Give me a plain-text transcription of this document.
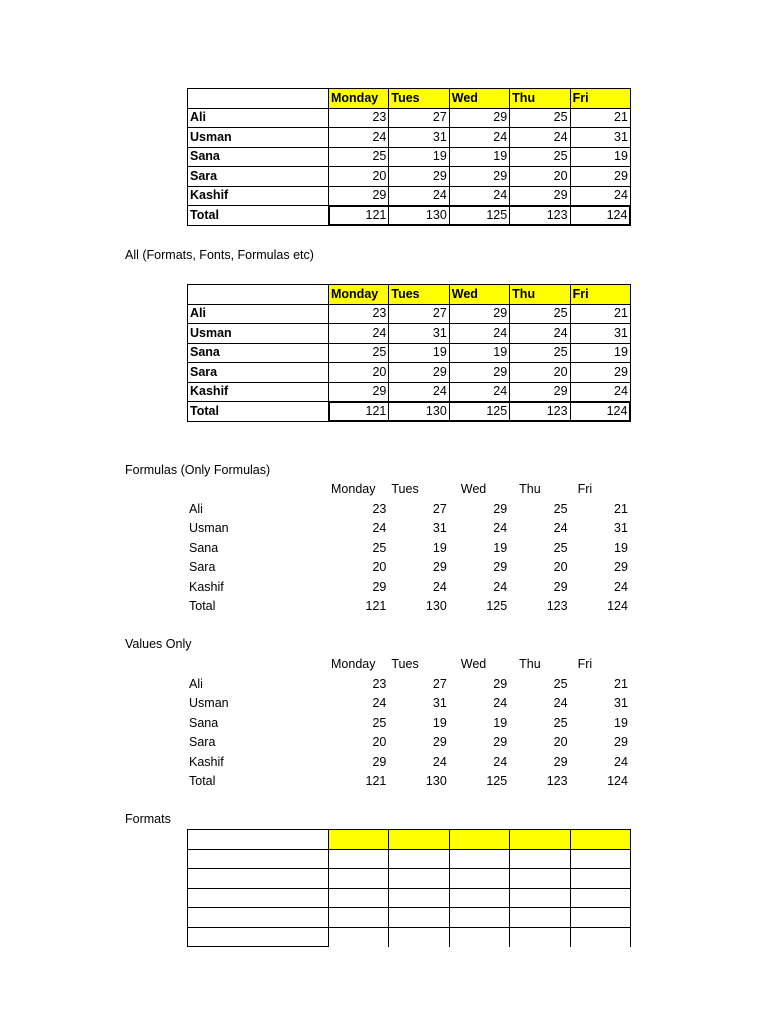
	Monday	Tues	Wed	Thu	Fri
Ali	23	27	29	25	21
Usman	24	31	24	24	31
Sana	25	19	19	25	19
Sara	20	29	29	20	29
Kashif	29	24	24	29	24
Total	121	130	125	123	124
All (Formats, Fonts, Formulas etc)
	Monday	Tues	Wed	Thu	Fri
Ali	23	27	29	25	21
Usman	24	31	24	24	31
Sana	25	19	19	25	19
Sara	20	29	29	20	29
Kashif	29	24	24	29	24
Total	121	130	125	123	124
Formulas (Only Formulas)
	Monday	Tues	Wed	Thu	Fri
Ali	23	27	29	25	21
Usman	24	31	24	24	31
Sana	25	19	19	25	19
Sara	20	29	29	20	29
Kashif	29	24	24	29	24
Total	121	130	125	123	124
Values Only
	Monday	Tues	Wed	Thu	Fri
Ali	23	27	29	25	21
Usman	24	31	24	24	31
Sana	25	19	19	25	19
Sara	20	29	29	20	29
Kashif	29	24	24	29	24
Total	121	130	125	123	124
Formats
